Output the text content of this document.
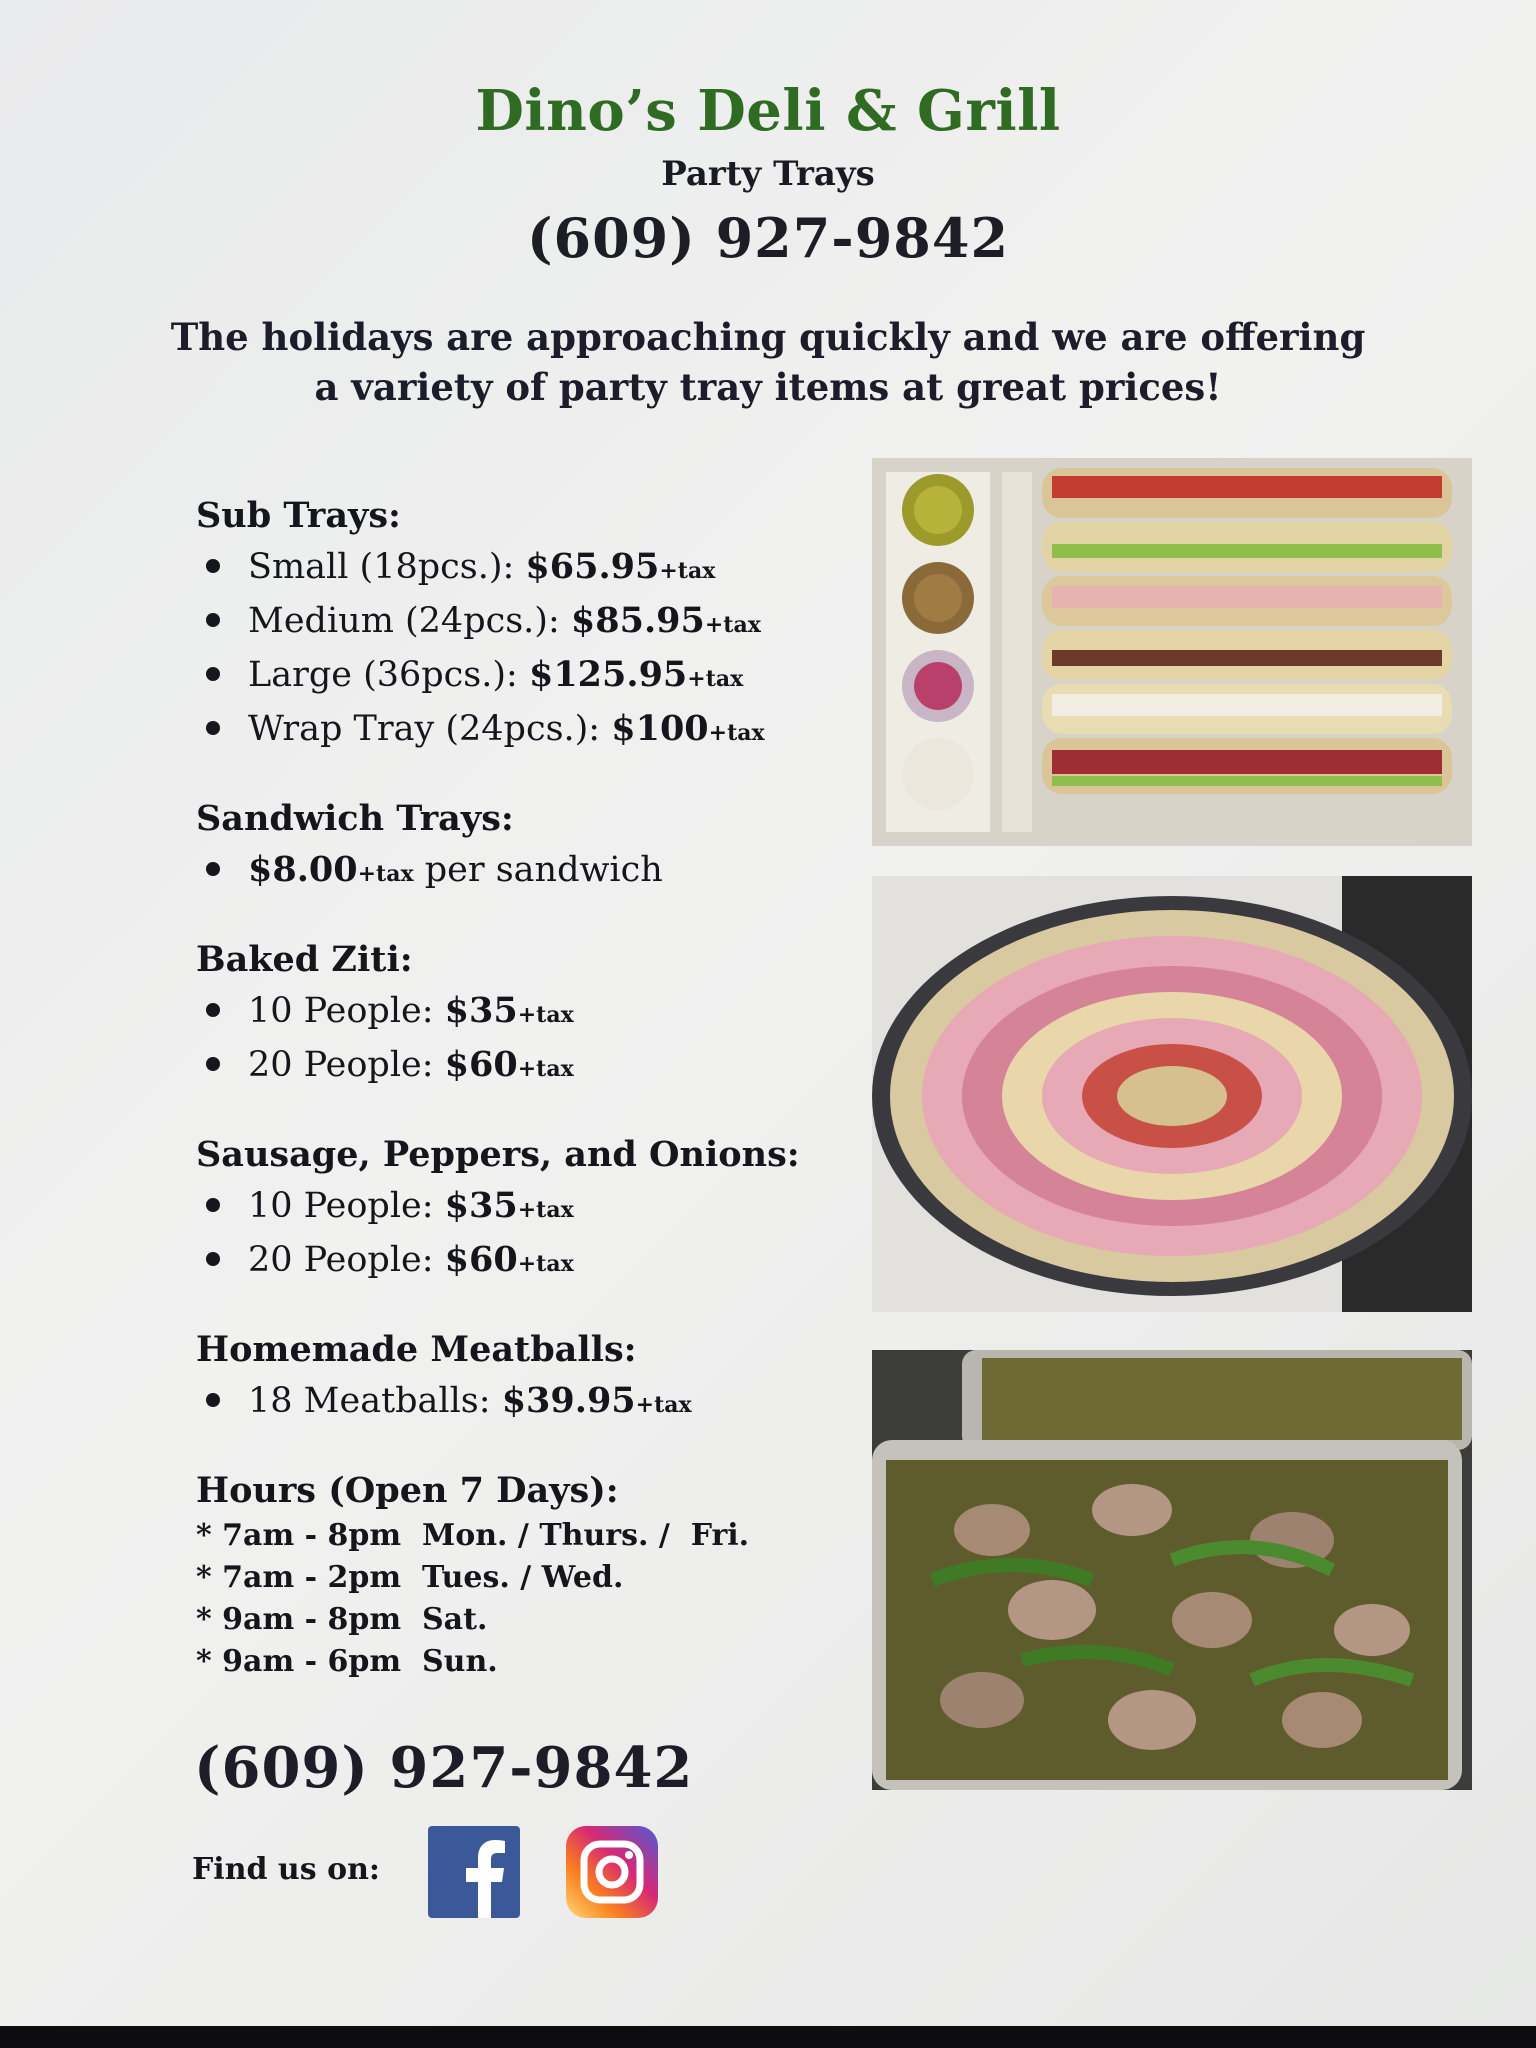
Dino’s Deli & Grill
Party Trays
(609) 927-9842
The holidays are approaching quickly and we are offering
a variety of party tray items at great prices!
Sub Trays:
Small (18pcs.): $65.95+tax
Medium (24pcs.): $85.95+tax
Large (36pcs.): $125.95+tax
Wrap Tray (24pcs.): $100+tax
Sandwich Trays:
$8.00+tax per sandwich
Baked Ziti:
10 People: $35+tax
20 People: $60+tax
Sausage, Peppers, and Onions:
10 People: $35+tax
20 People: $60+tax
Homemade Meatballs:
18 Meatballs: $39.95+tax
Hours (Open 7 Days):
* 7am - 8pm  Mon. / Thurs. /  Fri.
* 7am - 2pm  Tues. / Wed.
* 9am - 8pm  Sat.
* 9am - 6pm  Sun.
(609) 927-9842
Find us on:
